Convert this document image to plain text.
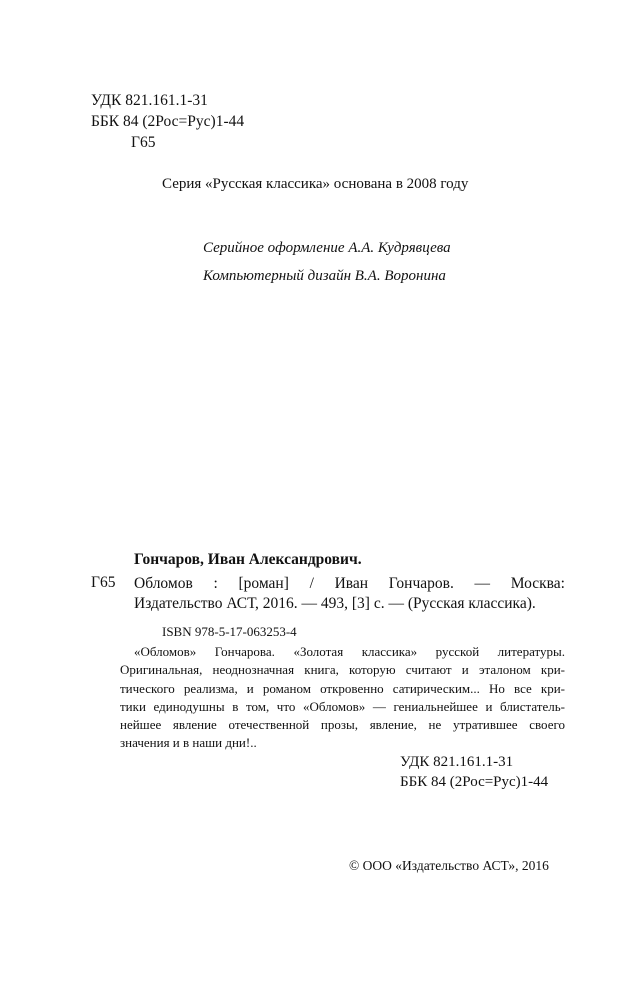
УДК 821.161.1-31
ББК 84 (2Рос=Рус)1-44
Г65
Серия «Русская классика» основана в 2008 году
Серийное оформление А.А. Кудрявцева
Компьютерный дизайн В.А. Воронина
Гончаров, Иван Александрович.
Г65 Обломов : [роман] / Иван Гончаров. — Москва:
Издательство АСТ, 2016. — 493, [3] с. — (Русская классика).
ISBN 978-5-17-063253-4
«Обломов» Гончарова. «Золотая классика» русской литературы.
Оригинальная, неоднозначная книга, которую считают и эталоном кри-
тического реализма, и романом откровенно сатирическим... Но все кри-
тики единодушны в том, что «Обломов» — гениальнейшее и блистатель-
нейшее явление отечественной прозы, явление, не утратившее своего
значения и в наши дни!..
УДК 821.161.1-31
ББК 84 (2Рос=Рус)1-44
© ООО «Издательство АСТ», 2016
